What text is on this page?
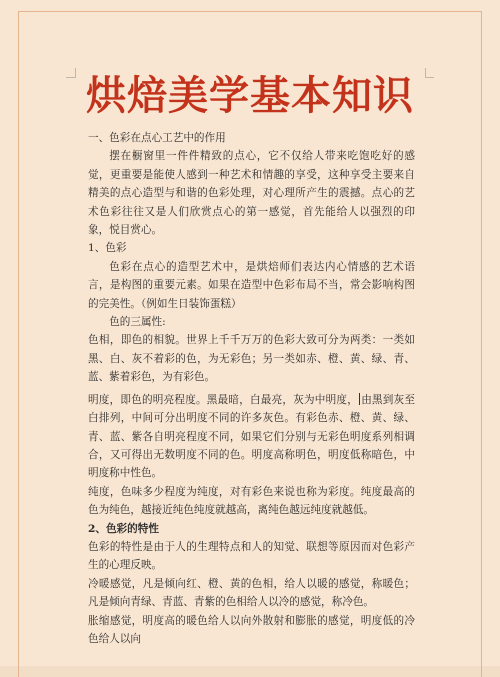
烘焙美学基本知识

一、色彩在点心工艺中的作用

摆在橱窗里一件件精致的点心，它不仅给人带来吃饱吃好的感觉，更重要是能使人感到一种艺术和情趣的享受，这种享受主要来自精美的点心造型与和谐的色彩处理，对心理所产生的震撼。点心的艺术色彩往往又是人们欣赏点心的第一感觉，首先能给人以强烈的印象，悦目赏心。

1、色彩

色彩在点心的造型艺术中，是烘焙师们表达内心情感的艺术语言，是构图的重要元素。如果在造型中色彩布局不当，常会影响构图的完美性。（例如生日装饰蛋糕）

色的三属性:

色相，即色的相貌。世界上千千万万的色彩大致可分为两类：一类如黑、白、灰不着彩的色，为无彩色；另一类如赤、橙、黄、绿、青、蓝、紫着彩色，为有彩色。

明度，即色的明亮程度。黑最暗，白最亮，灰为中明度， 由黑到灰至白排列，中间可分出明度不同的许多灰色。有彩色赤、橙、黄、绿、青、蓝、紫各自明亮程度不同，如果它们分别与无彩色明度系列相调合，又可得出无数明度不同的色。明度高称明色，明度低称暗色，中明度称中性色。

纯度，色味多少程度为纯度，对有彩色来说也称为彩度。纯度最高的色为纯色，越接近纯色纯度就越高，离纯色越远纯度就越低。

2、色彩的特性

色彩的特性是由于人的生理特点和人的知觉、联想等原因而对色彩产生的心理反映。

冷暖感觉，凡是倾向红、橙、黄的色相，给人以暖的感觉，称暖色；凡是倾向青绿、青蓝、青紫的色相给人以冷的感觉，称冷色。

胀缩感觉，明度高的暖色给人以向外散射和膨胀的感觉，明度低的冷色给人以向
